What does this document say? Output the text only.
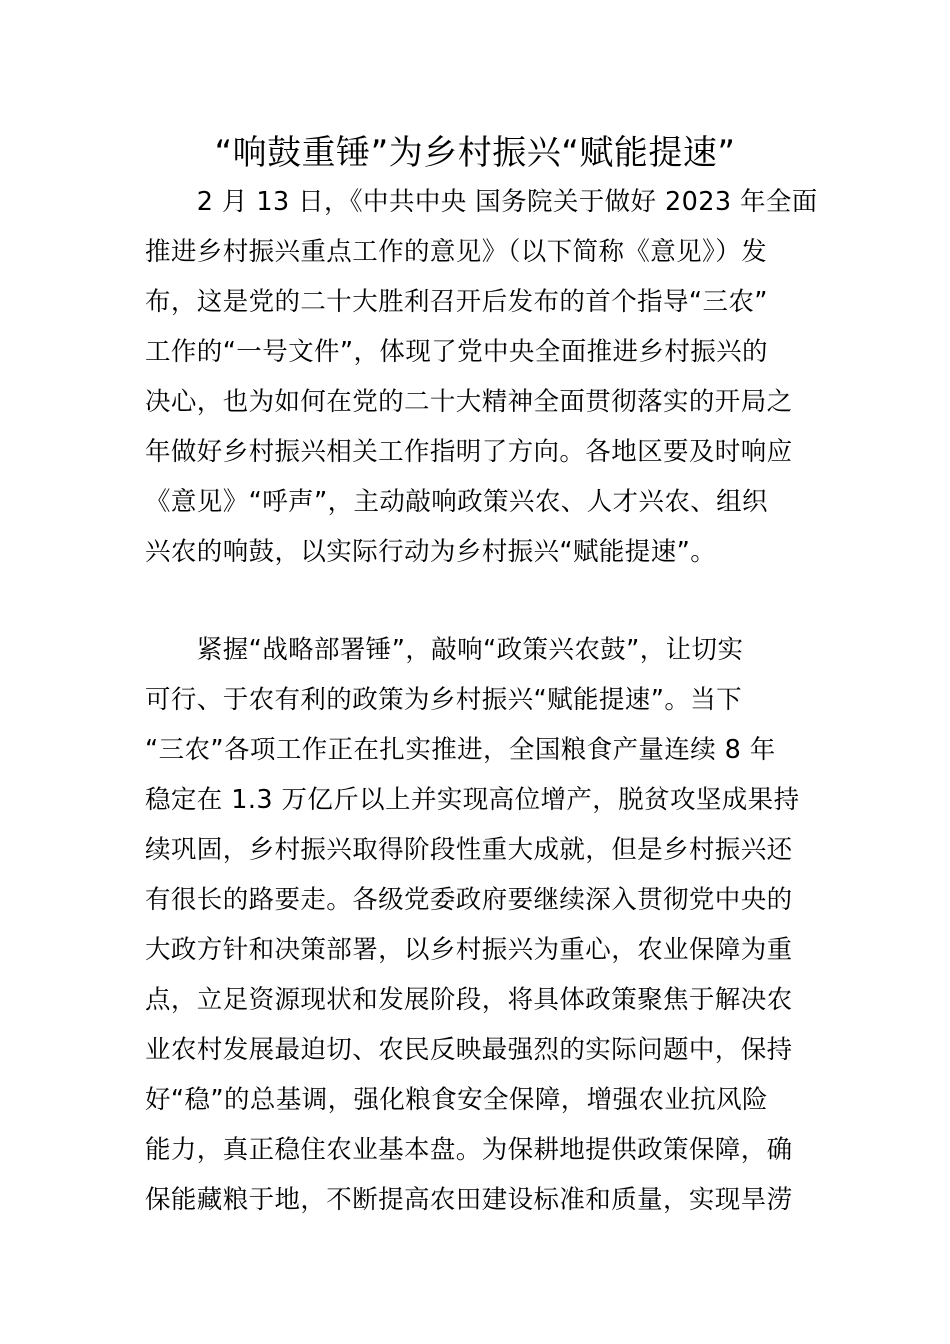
“响鼓重锤”为乡村振兴“赋能提速”
　　2 月 13 日，《中共中央 国务院关于做好 2023 年全面
推进乡村振兴重点工作的意见》（以下简称《意见》）发
布，这是党的二十大胜利召开后发布的首个指导“三农”
工作的“一号文件”，体现了党中央全面推进乡村振兴的
决心，也为如何在党的二十大精神全面贯彻落实的开局之
年做好乡村振兴相关工作指明了方向。各地区要及时响应
《意见》“呼声”，主动敲响政策兴农、人才兴农、组织
兴农的响鼓，以实际行动为乡村振兴“赋能提速”。
　　紧握“战略部署锤”，敲响“政策兴农鼓”，让切实
可行、于农有利的政策为乡村振兴“赋能提速”。当下
“三农”各项工作正在扎实推进，全国粮食产量连续 8 年
稳定在 1.3 万亿斤以上并实现高位增产，脱贫攻坚成果持
续巩固，乡村振兴取得阶段性重大成就，但是乡村振兴还
有很长的路要走。各级党委政府要继续深入贯彻党中央的
大政方针和决策部署，以乡村振兴为重心，农业保障为重
点，立足资源现状和发展阶段，将具体政策聚焦于解决农
业农村发展最迫切、农民反映最强烈的实际问题中，保持
好“稳”的总基调，强化粮食安全保障，增强农业抗风险
能力，真正稳住农业基本盘。为保耕地提供政策保障，确
保能藏粮于地，不断提高农田建设标准和质量，实现旱涝
